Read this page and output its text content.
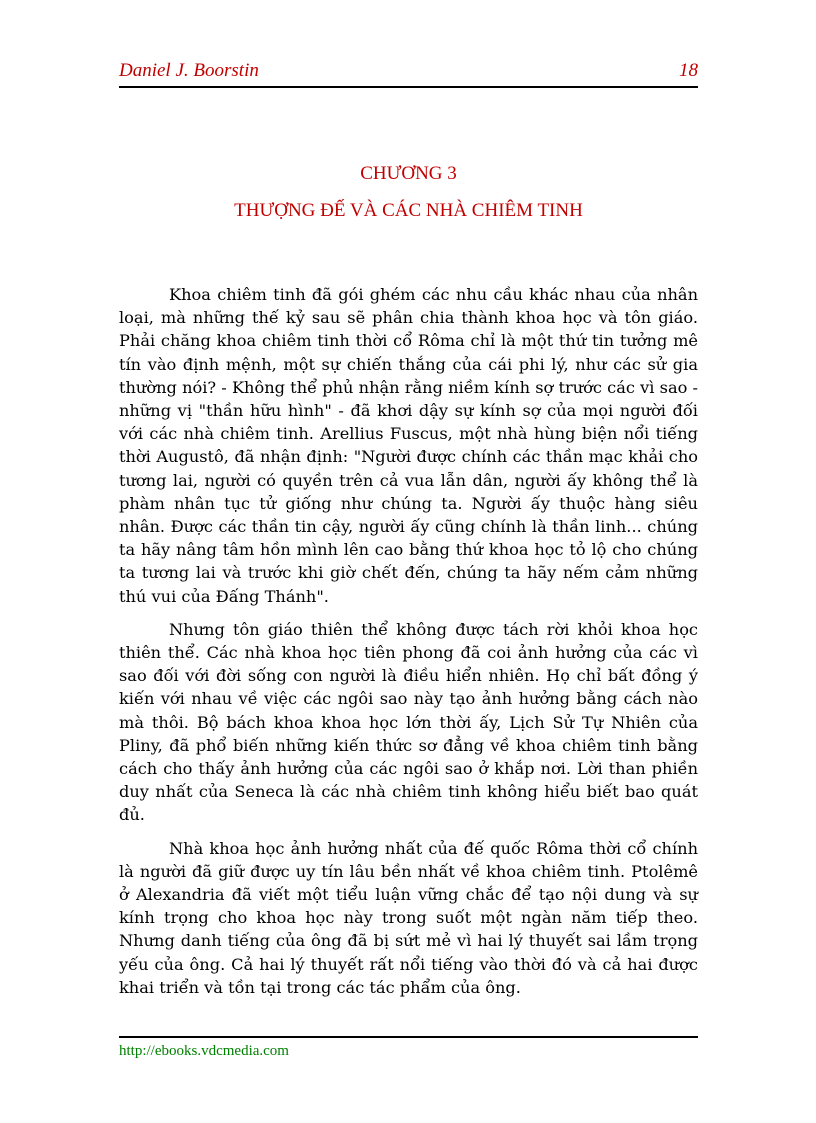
Daniel J. Boorstin	18
CHƯƠNG 3
THƯỢNG ĐẾ VÀ CÁC NHÀ CHIÊM TINH

Khoa chiêm tinh đã gói ghém các nhu cầu khác nhau của nhân loại, mà những thế kỷ sau sẽ phân chia thành khoa học và tôn giáo. Phải chăng khoa chiêm tinh thời cổ Rôma chỉ là một thứ tin tưởng mê tín vào định mệnh, một sự chiến thắng của cái phi lý, như các sử gia thường nói? - Không thể phủ nhận rằng niềm kính sợ trước các vì sao - những vị "thần hữu hình" - đã khơi dậy sự kính sợ của mọi người đối với các nhà chiêm tinh. Arellius Fuscus, một nhà hùng biện nổi tiếng thời Augustô, đã nhận định: "Người được chính các thần mạc khải cho tương lai, người có quyền trên cả vua lẫn dân, người ấy không thể là phàm nhân tục tử giống như chúng ta. Người ấy thuộc hàng siêu nhân. Được các thần tin cậy, người ấy cũng chính là thần linh... chúng ta hãy nâng tâm hồn mình lên cao bằng thứ khoa học tỏ lộ cho chúng ta tương lai và trước khi giờ chết đến, chúng ta hãy nếm cảm những thú vui của Đấng Thánh".

Nhưng tôn giáo thiên thể không được tách rời khỏi khoa học thiên thể. Các nhà khoa học tiên phong đã coi ảnh hưởng của các vì sao đối với đời sống con người là điều hiển nhiên. Họ chỉ bất đồng ý kiến với nhau về việc các ngôi sao này tạo ảnh hưởng bằng cách nào mà thôi. Bộ bách khoa khoa học lớn thời ấy, Lịch Sử Tự Nhiên của Pliny, đã phổ biến những kiến thức sơ đẳng về khoa chiêm tinh bằng cách cho thấy ảnh hưởng của các ngôi sao ở khắp nơi. Lời than phiền duy nhất của Seneca là các nhà chiêm tinh không hiểu biết bao quát đủ.

Nhà khoa học ảnh hưởng nhất của đế quốc Rôma thời cổ chính là người đã giữ được uy tín lâu bền nhất về khoa chiêm tinh. Ptolêmê ở Alexandria đã viết một tiểu luận vững chắc để tạo nội dung và sự kính trọng cho khoa học này trong suốt một ngàn năm tiếp theo. Nhưng danh tiếng của ông đã bị sứt mẻ vì hai lý thuyết sai lầm trọng yếu của ông. Cả hai lý thuyết rất nổi tiếng vào thời đó và cả hai được khai triển và tồn tại trong các tác phẩm của ông.

http://ebooks.vdcmedia.com
